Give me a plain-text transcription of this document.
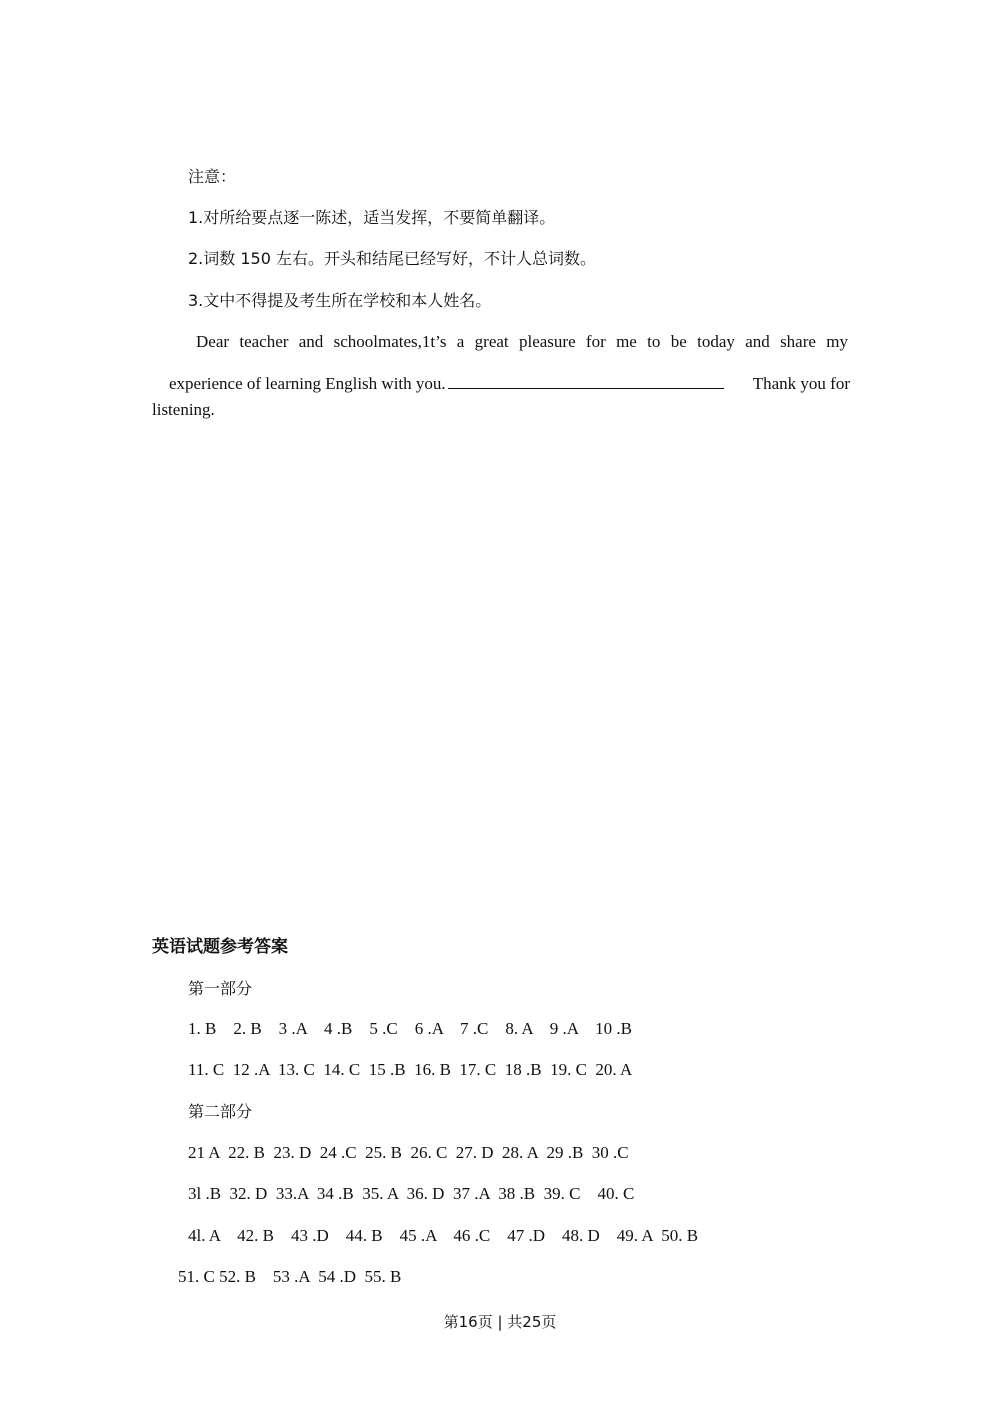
注意：
1.对所给要点逐一陈述，适当发挥，不要简单翻译。
2.词数 150 左右。开头和结尾已经写好，不计人总词数。
3.文中不得提及考生所在学校和本人姓名。
Dear teacher and schoolmates,1t’s a great pleasure for me to be today and share my
experience of learning English with you.	Thank you for
listening.
英语试题参考答案
第一部分
1. B    2. B    3 .A    4 .B    5 .C    6 .A    7 .C    8. A    9 .A    10 .B
11. C  12 .A  13. C  14. C  15 .B  16. B  17. C  18 .B  19. C  20. A
第二部分
21 A  22. B  23. D  24 .C  25. B  26. C  27. D  28. A  29 .B  30 .C
3l .B  32. D  33.A  34 .B  35. A  36. D  37 .A  38 .B  39. C    40. C
4l. A    42. B    43 .D    44. B    45 .A    46 .C    47 .D    48. D    49. A  50. B
51. C 52. B    53 .A  54 .D  55. B
第16页 | 共25页
